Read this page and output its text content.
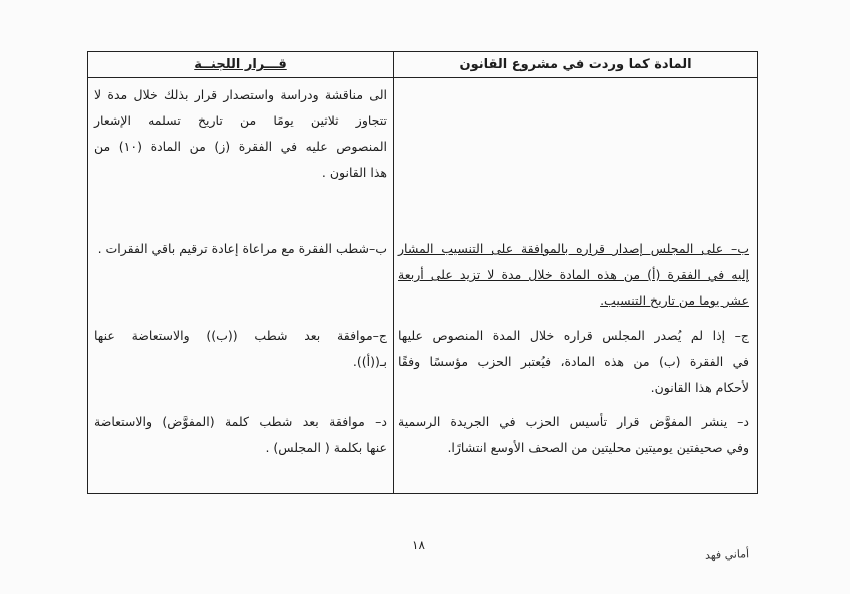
المادة كما وردت في مشروع القانون
قـــرار اللجنــة
الى مناقشة ودراسة واستصدار قرار بذلك خلال مدة لا
تتجاوز ثلاثين يومًا من تاريخ تسلمه الإشعار
المنصوص عليه في الفقرة (ز) من المادة (١٠) من
هذا القانون .
ب–شطب الفقرة مع مراعاة إعادة ترقيم باقي الفقرات .
ج–موافقة بعد شطب ((ب)) والاستعاضة عنها
بـ((أ)).
د– موافقة بعد شطب كلمة (المفوَّض) والاستعاضة
عنها بكلمة ( المجلس) .
ب– على المجلس إصدار قراره بالموافقة على التنسيب المشار
إليه في الفقرة (أ) من هذه المادة خلال مدة لا تزيد على أربعة
عشر يوما من تاريخ التنسيب.
ج– إذا لم يُصدر المجلس قراره خلال المدة المنصوص عليها
في الفقرة (ب) من هذه المادة، فيُعتبر الحزب مؤسسًا وفقًا
لأحكام هذا القانون.
د– ينشر المفوَّض قرار تأسيس الحزب في الجريدة الرسمية
وفي صحيفتين يوميتين محليتين من الصحف الأوسع انتشارًا.
١٨
أماني فهد
